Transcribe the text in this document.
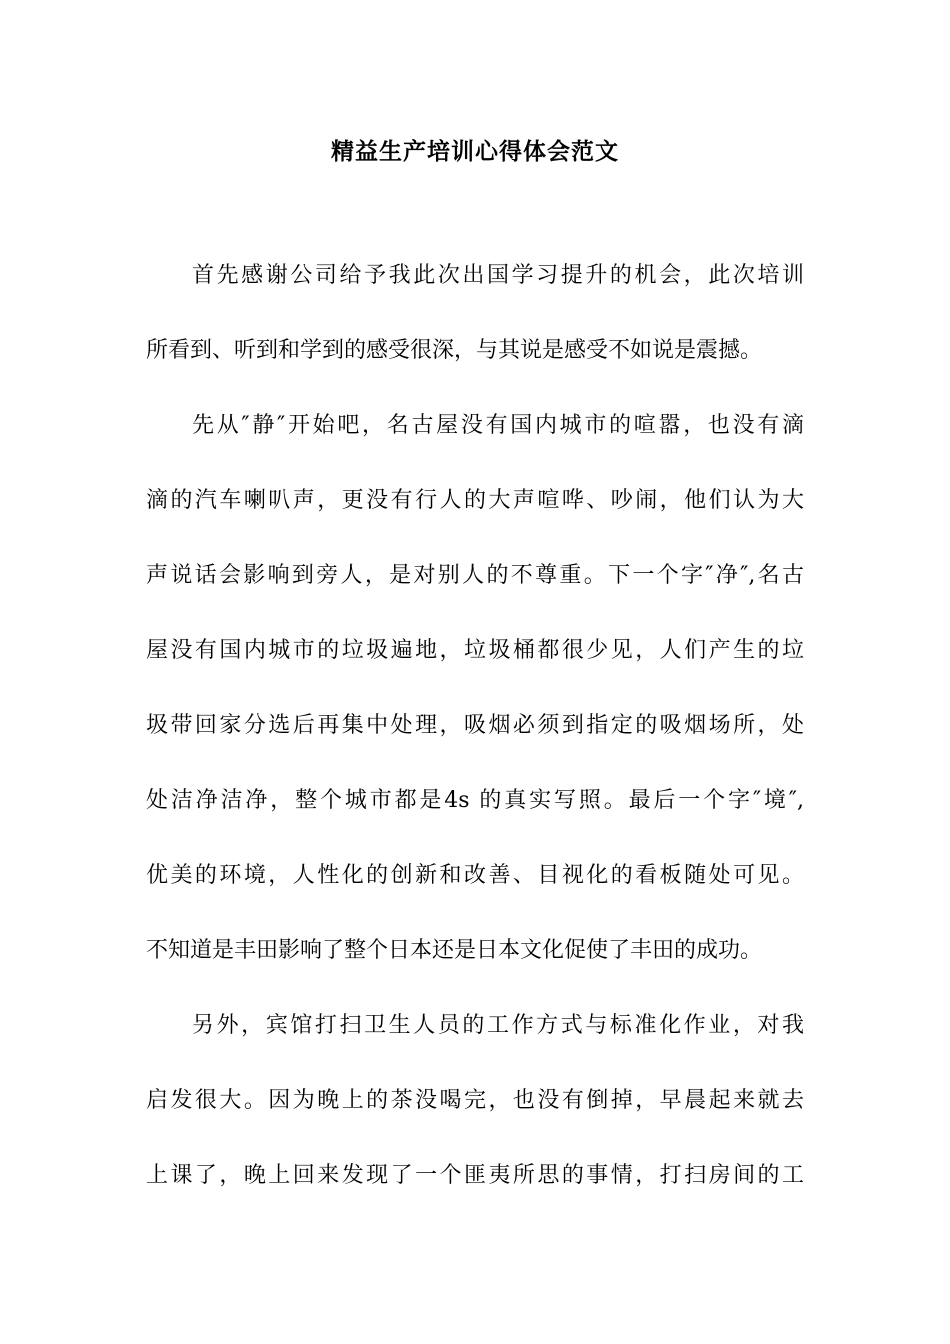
精益生产培训心得体会范文

首先感谢公司给予我此次出国学习提升的机会，此次培训

所看到、听到和学到的感受很深，与其说是感受不如说是震撼。

先从″静″开始吧，名古屋没有国内城市的喧嚣，也没有滴

滴的汽车喇叭声，更没有行人的大声喧哗、吵闹，他们认为大

声说话会影响到旁人，是对别人的不尊重。下一个字″净″,名古

屋没有国内城市的垃圾遍地，垃圾桶都很少见，人们产生的垃

圾带回家分选后再集中处理，吸烟必须到指定的吸烟场所，处

处洁净洁净，整个城市都是4s 的真实写照。最后一个字″境″,

优美的环境，人性化的创新和改善、目视化的看板随处可见。

不知道是丰田影响了整个日本还是日本文化促使了丰田的成功。

另外，宾馆打扫卫生人员的工作方式与标准化作业，对我

启发很大。因为晚上的茶没喝完，也没有倒掉，早晨起来就去

上课了，晚上回来发现了一个匪夷所思的事情，打扫房间的工
